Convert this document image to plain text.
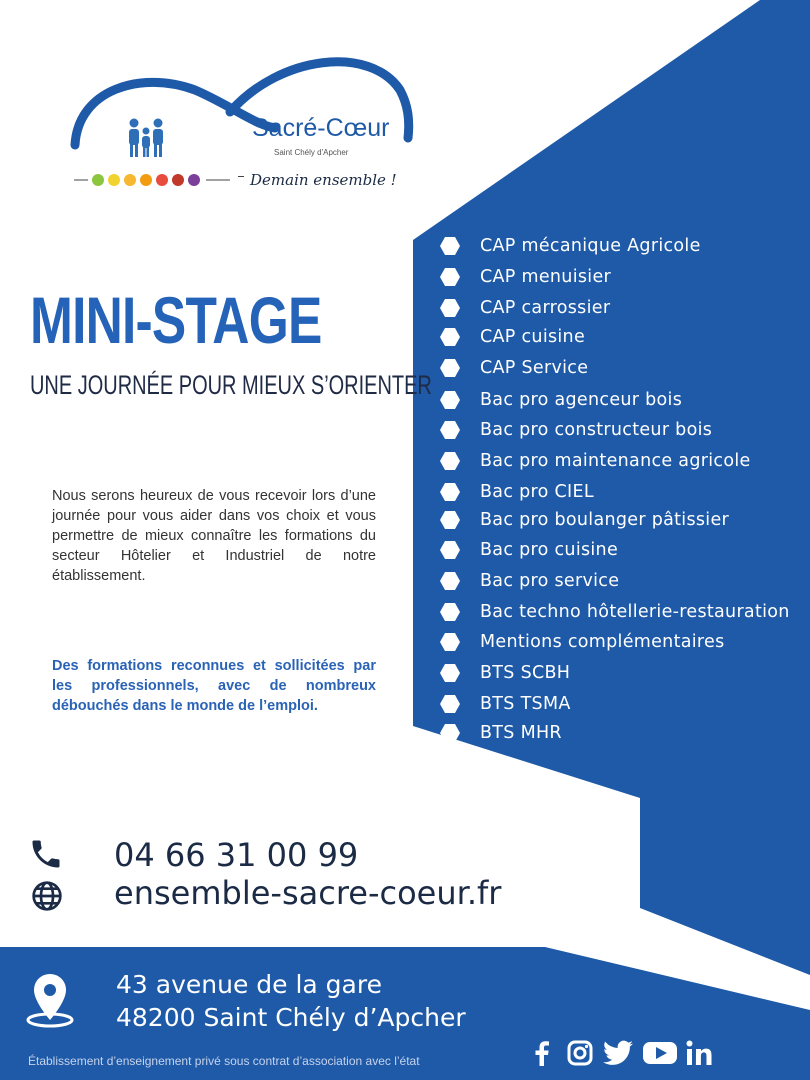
Sacré-Cœur
Saint Chély d'Apcher
Demain ensemble !
MINI-STAGE
UNE JOURNÉE POUR MIEUX S’ORIENTER
Nous serons heureux de vous recevoir lors d’une journée pour vous aider dans vos choix et vous permettre de mieux connaître les formations du secteur Hôtelier et Industriel de notre établissement.
Des formations reconnues et sollicitées par les professionnels, avec de nombreux débouchés dans le monde de l’emploi.
CAP mécanique Agricole
CAP menuisier
CAP carrossier
CAP cuisine
CAP Service
Bac pro agenceur bois
Bac pro constructeur bois
Bac pro maintenance agricole
Bac pro CIEL
Bac pro boulanger pâtissier
Bac pro cuisine
Bac pro service
Bac techno hôtellerie-restauration
Mentions complémentaires
BTS SCBH
BTS TSMA
BTS MHR
04 66 31 00 99
ensemble-sacre-coeur.fr
43 avenue de la gare
48200 Saint Chély d’Apcher
Établissement d’enseignement privé sous contrat d’association avec l’état
